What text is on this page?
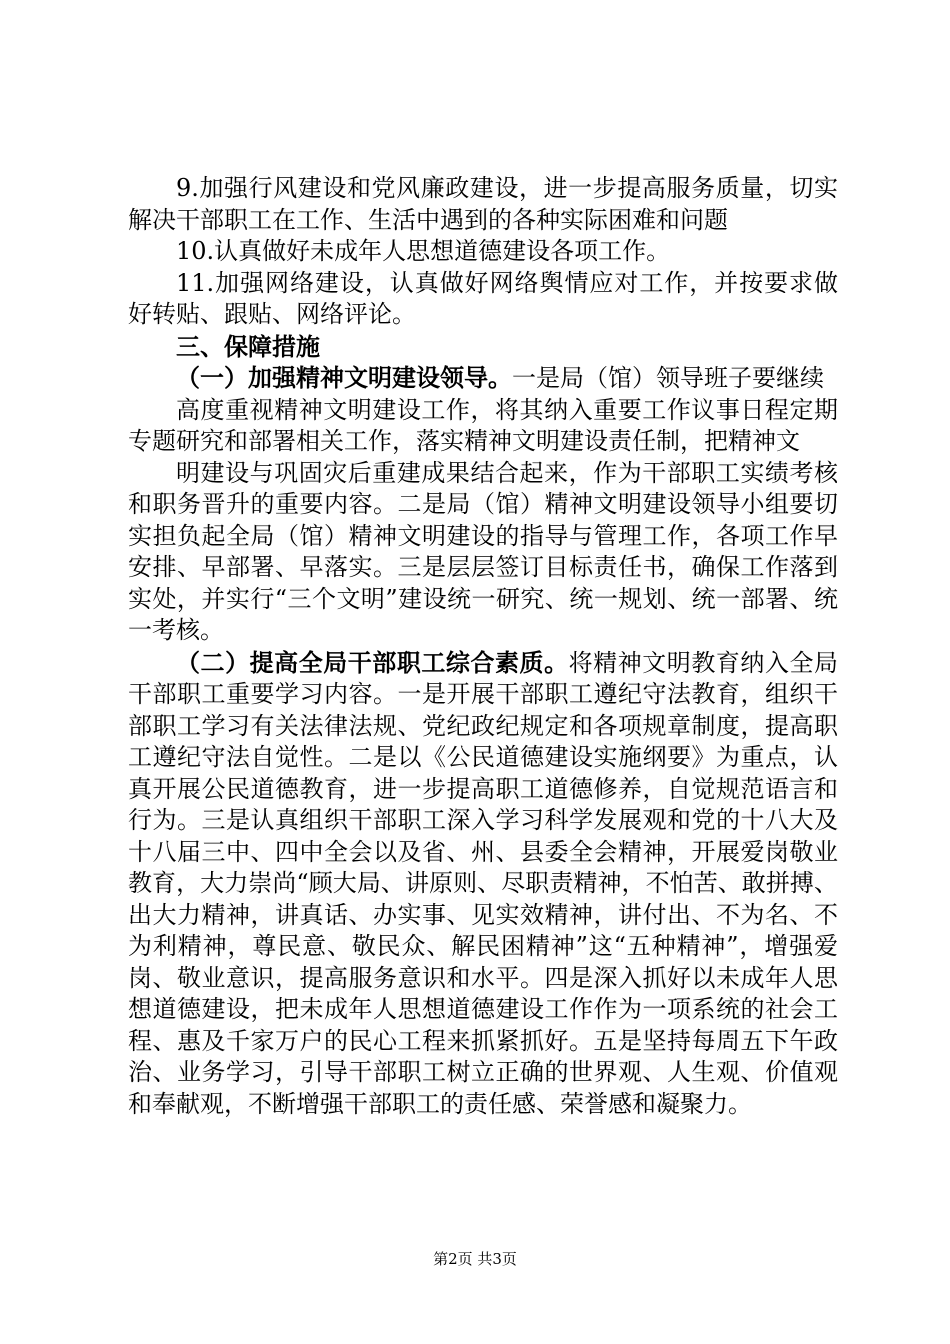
9.加强行风建设和党风廉政建设，进一步提高服务质量，切实解决干部职工在工作、生活中遇到的各种实际困难和问题

10.认真做好未成年人思想道德建设各项工作。

11.加强网络建设，认真做好网络舆情应对工作，并按要求做好转贴、跟贴、网络评论。

三、保障措施

（一）加强精神文明建设领导。一是局（馆）领导班子要继续

高度重视精神文明建设工作，将其纳入重要工作议事日程定期专题研究和部署相关工作，落实精神文明建设责任制，把精神文

明建设与巩固灾后重建成果结合起来，作为干部职工实绩考核和职务晋升的重要内容。二是局（馆）精神文明建设领导小组要切实担负起全局（馆）精神文明建设的指导与管理工作，各项工作早安排、早部署、早落实。三是层层签订目标责任书，确保工作落到实处，并实行“三个文明”建设统一研究、统一规划、统一部署、统一考核。

（二）提高全局干部职工综合素质。将精神文明教育纳入全局干部职工重要学习内容。一是开展干部职工遵纪守法教育，组织干部职工学习有关法律法规、党纪政纪规定和各项规章制度，提高职工遵纪守法自觉性。二是以《公民道德建设实施纲要》为重点，认真开展公民道德教育，进一步提高职工道德修养，自觉规范语言和行为。三是认真组织干部职工深入学习科学发展观和党的十八大及十八届三中、四中全会以及省、州、县委全会精神，开展爱岗敬业教育，大力崇尚“顾大局、讲原则、尽职责精神，不怕苦、敢拼搏、出大力精神，讲真话、办实事、见实效精神，讲付出、不为名、不为利精神，尊民意、敬民众、解民困精神”这“五种精神”，增强爱岗、敬业意识，提高服务意识和水平。四是深入抓好以未成年人思想道德建设，把未成年人思想道德建设工作作为一项系统的社会工程、惠及千家万户的民心工程来抓紧抓好。五是坚持每周五下午政治、业务学习，引导干部职工树立正确的世界观、人生观、价值观和奉献观，不断增强干部职工的责任感、荣誉感和凝聚力。

第2页 共3页
